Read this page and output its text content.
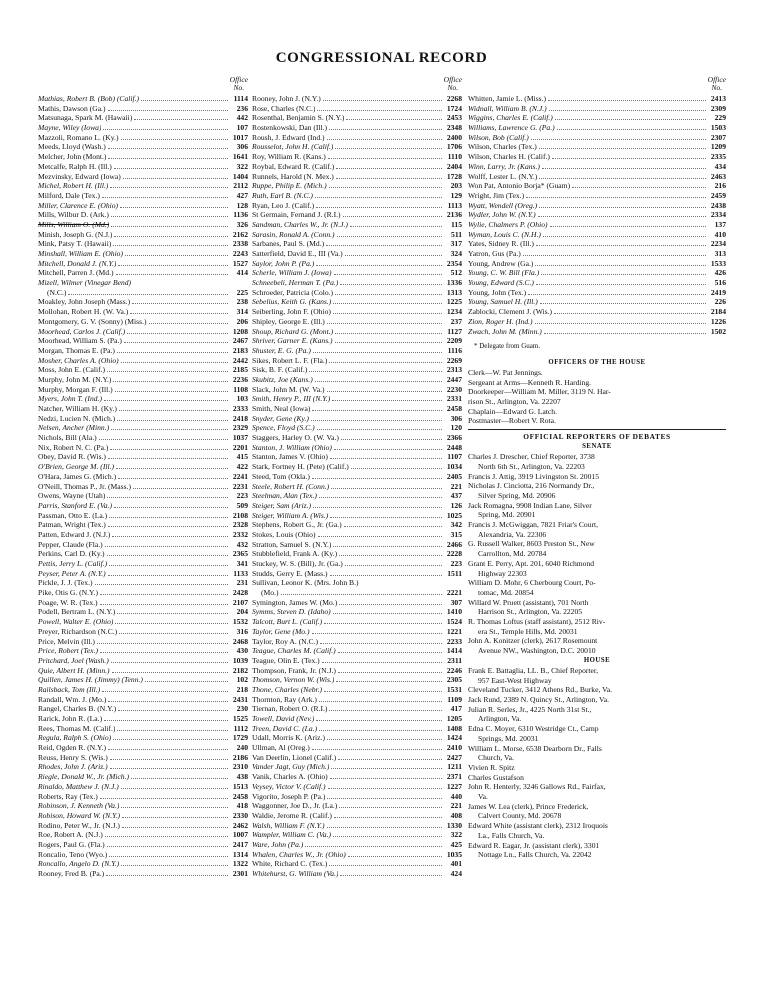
CONGRESSIONAL RECORD
Office
No.
Mathias, Robert B. (Bob) (Calif.)	1114
Mathis, Dawson (Ga.)	236
Matsunaga, Spark M. (Hawaii)	442
Mayne, Wiley (Iowa)	107
Mazzoli, Romano L. (Ky.)	1017
Meeds, Lloyd (Wash.)	306
Melcher, John (Mont.)	1641
Metcalfe, Ralph H. (Ill.)	322
Mezvinsky, Edward (Iowa)	1404
Michel, Robert H. (Ill.)	2112
Milford, Dale (Tex.)	427
Miller, Clarence E. (Ohio)	128
Mills, Wilbur D. (Ark.)	1136
Mills, William O. (Md.)	326
Minish, Joseph G. (N.J.)	2162
Mink, Patsy T. (Hawaii)	2338
Minshall, William E. (Ohio)	2243
Mitchell, Donald J. (N.Y.)	1527
Mitchell, Parren J. (Md.)	414
Mizell, Wilmer (Vinegar Bend)
(N.C.)	225
Moakley, John Joseph (Mass.)	238
Mollohan, Robert H. (W. Va.)	314
Montgomery, G. V. (Sonny) (Miss.)	206
Moorhead, Carlos J. (Calif.)	1208
Moorhead, William S. (Pa.)	2467
Morgan, Thomas E. (Pa.)	2183
Mosher, Charles A. (Ohio)	2442
Moss, John E. (Calif.)	2185
Murphy, John M. (N.Y.)	2236
Murphy, Morgan F. (Ill.)	1108
Myers, John T. (Ind.)	103
Natcher, William H. (Ky.)	2333
Nedzi, Lucien N. (Mich.)	2418
Nelsen, Ancher (Minn.)	2329
Nichols, Bill (Ala.)	1037
Nix, Robert N. C. (Pa.)	2201
Obey, David R. (Wis.)	415
O'Brien, George M. (Ill.)	422
O'Hara, James G. (Mich.)	2241
O'Neill, Thomas P., Jr. (Mass.)	2231
Owens, Wayne (Utah)	223
Parris, Stanford E. (Va.)	509
Passman, Otto E. (La.)	2108
Patman, Wright (Tex.)	2328
Patten, Edward J. (N.J.)	2332
Pepper, Claude (Fla.)	432
Perkins, Carl D. (Ky.)	2365
Pettis, Jerry L. (Calif.)	341
Peyser, Peter A. (N.Y.)	1133
Pickle, J. J. (Tex.)	231
Pike, Otis G. (N.Y.)	2428
Poage, W. R. (Tex.)	2107
Podell, Bertram L. (N.Y.)	204
Powell, Walter E. (Ohio)	1532
Preyer, Richardson (N.C.)	316
Price, Melvin (Ill.)	2468
Price, Robert (Tex.)	430
Pritchard, Joel (Wash.)	1039
Quie, Albert H. (Minn.)	2182
Quillen, James H. (Jimmy) (Tenn.)	102
Railsback, Tom (Ill.)	218
Randall, Wm. J. (Mo.)	2431
Rangel, Charles B. (N.Y.)	230
Rarick, John R. (La.)	1525
Rees, Thomas M. (Calif.)	1112
Regula, Ralph S. (Ohio)	1729
Reid, Ogden R. (N.Y.)	240
Reuss, Henry S. (Wis.)	2186
Rhodes, John J. (Ariz.)	2310
Riegle, Donald W., Jr. (Mich.)	438
Rinaldo, Matthew J. (N.J.)	1513
Roberts, Ray (Tex.)	2458
Robinson, J. Kenneth (Va.)	418
Robison, Howard W. (N.Y.)	2330
Rodino, Peter W., Jr. (N.J.)	2462
Roe, Robert A. (N.J.)	1007
Rogers, Paul G. (Fla.)	2417
Roncalio, Teno (Wyo.)	1314
Roncallo, Angelo D. (N.Y.)	1322
Rooney, Fred B. (Pa.)	2301
Office
No.
Rooney, John J. (N.Y.)	2268
Rose, Charles (N.C.)	1724
Rosenthal, Benjamin S. (N.Y.)	2453
Rostenkowski, Dan (Ill.)	2348
Roush, J. Edward (Ind.)	2400
Rousselot, John H. (Calif.)	1706
Roy, William R. (Kans.)	1110
Roybal, Edward R. (Calif.)	2404
Runnels, Harold (N. Mex.)	1728
Ruppe, Philip E. (Mich.)	203
Ruth, Earl B. (N.C.)	129
Ryan, Leo J. (Calif.)	1113
St Germain, Fernand J. (R.I.)	2136
Sandman, Charles W., Jr. (N.J.)	115
Sarasin, Ronald A. (Conn.)	511
Sarbanes, Paul S. (Md.)	317
Satterfield, David E., III (Va.)	324
Saylor, John P. (Pa.)	2354
Scherle, William J. (Iowa)	512
Schneebeli, Herman T. (Pa.)	1336
Schroeder, Patricia (Colo.)	1313
Sebelius, Keith G. (Kans.)	1225
Seiberling, John F. (Ohio)	1234
Shipley, George E. (Ill.)	237
Shoup, Richard G. (Mont.)	1127
Shriver, Garner E. (Kans.)	2209
Shuster, E. G. (Pa.)	1116
Sikes, Robert L. F. (Fla.)	2269
Sisk, B. F. (Calif.)	2313
Skubitz, Joe (Kans.)	2447
Slack, John M. (W. Va.)	2230
Smith, Henry P., III (N.Y.)	2331
Smith, Neal (Iowa)	2458
Snyder, Gene (Ky.)	306
Spence, Floyd (S.C.)	120
Staggers, Harley O. (W. Va.)	2366
Stanton, J. William (Ohio)	2448
Stanton, James V. (Ohio)	1107
Stark, Fortney H. (Pete) (Calif.)	1034
Steed, Tom (Okla.)	2405
Steele, Robert H. (Conn.)	221
Steelman, Alan (Tex.)	437
Steiger, Sam (Ariz.)	126
Steiger, William A. (Wis.)	1025
Stephens, Robert G., Jr. (Ga.)	342
Stokes, Louis (Ohio)	315
Stratton, Samuel S. (N.Y.)	2466
Stubblefield, Frank A. (Ky.)	2228
Stuckey, W. S. (Bill), Jr. (Ga.)	223
Studds, Gerry E. (Mass.)	1511
Sullivan, Leonor K. (Mrs. John B.)
(Mo.)	2221
Symington, James W. (Mo.)	307
Symms, Steven D. (Idaho)	1410
Talcott, Burt L. (Calif.)	1524
Taylor, Gene (Mo.)	1221
Taylor, Roy A. (N.C.)	2233
Teague, Charles M. (Calif.)	1414
Teague, Olin E. (Tex.)	2311
Thompson, Frank, Jr. (N.J.)	2246
Thomson, Vernon W. (Wis.)	2305
Thone, Charles (Nebr.)	1531
Thornton, Ray (Ark.)	1109
Tiernan, Robert O. (R.I.)	417
Towell, David (Nev.)	1205
Treen, David C. (La.)	1408
Udall, Morris K. (Ariz.)	1424
Ullman, Al (Oreg.)	2410
Van Deerlin, Lionel (Calif.)	2427
Vander Jagt, Guy (Mich.)	1211
Vanik, Charles A. (Ohio)	2371
Veysey, Victor V. (Calif.)	1227
Vigorito, Joseph P. (Pa.)	440
Waggonner, Joe D., Jr. (La.)	221
Waldie, Jerome R. (Calif.)	408
Walsh, William F. (N.Y.)	1330
Wampler, William C. (Va.)	322
Ware, John (Pa.)	425
Whalen, Charles W., Jr. (Ohio)	1035
White, Richard C. (Tex.)	401
Whitehurst, G. William (Va.)	424
Office
No.
Whitten, Jamie L. (Miss.)	2413
Widnall, William B. (N.J.)	2309
Wiggins, Charles E. (Calif.)	229
Williams, Lawrence G. (Pa.)	1503
Wilson, Bob (Calif.)	2307
Wilson, Charles (Tex.)	1209
Wilson, Charles H. (Calif.)	2335
Winn, Larry, Jr. (Kans.)	434
Wolff, Lester L. (N.Y.)	2463
Won Pat, Antonio Borja* (Guam)	216
Wright, Jim (Tex.)	2459
Wyatt, Wendell (Oreg.)	2438
Wydler, John W. (N.Y.)	2334
Wylie, Chalmers P. (Ohio)	137
Wyman, Louis C. (N.H.)	410
Yates, Sidney R. (Ill.)	2234
Yatron, Gus (Pa.)	313
Young, Andrew (Ga.)	1533
Young, C. W. Bill (Fla.)	426
Young, Edward (S.C.)	516
Young, John (Tex.)	2419
Young, Samuel H. (Ill.)	226
Zablocki, Clement J. (Wis.)	2184
Zion, Roger H. (Ind.)	1226
Zwach, John M. (Minn.)	1502
* Delegate from Guam.
OFFICERS OF THE HOUSE
Clerk—W. Pat Jennings.
Sergeant at Arms—Kenneth R. Harding.
Doorkeeper—William M. Miller, 3119 N. Har-
rison St., Arlington, Va. 22207
Chaplain—Edward G. Latch.
Postmaster—Robert V. Rota.
OFFICIAL REPORTERS OF DEBATES
SENATE
Charles J. Drescher, Chief Reporter, 3738
North 6th St., Arlington, Va. 22203
Francis J. Attig, 3919 Livingston St. 20015
Nicholas J. Cinciotta, 216 Normandy Dr.,
Silver Spring, Md. 20906
Jack Romagna, 9908 Indian Lane, Silver
Spring, Md. 20901
Francis J. McGwiggan, 7821 Friar's Court,
Alexandria, Va. 22306
G. Russell Walker, 8603 Preston St., New
Carrollton, Md. 20784
Grant E. Perry, Apt. 201, 6040 Richmond
Highway 22303
William D. Mohr, 6 Cherbourg Court, Po-
tomac, Md. 20854
Willard W. Pruett (assistant), 701 North
Harrison St., Arlington, Va. 22205
R. Thomas Loftus (staff assistant), 2512 Riv-
era St., Temple Hills, Md. 20031
John A. Konitzer (clerk), 2617 Rosemount
Avenue NW., Washington, D.C. 20010
HOUSE
Frank E. Battaglia, LL. B., Chief Reporter,
957 East-West Highway
Cleveland Tucker, 3412 Athens Rd., Burke, Va.
Jack Rund, 2389 N. Quincy St., Arlington, Va.
Julian R. Serles, Jr., 4225 North 31st St.,
Arlington, Va.
Edna C. Moyer, 6310 Westridge Ct., Camp
Springs, Md. 20031
William L. Morse, 6538 Dearborn Dr., Falls
Church, Va.
Vivien R. Spitz
Charles Gustafson
John R. Henterly, 3246 Gallows Rd., Fairfax,
Va.
James W. Lea (clerk), Prince Frederick,
Calvert County, Md. 20678
Edward White (assistant clerk), 2312 Iroquois
La., Falls Church, Va.
Edward R. Eagar, Jr. (assistant clerk), 3301
Nottage Ln., Falls Church, Va. 22042
